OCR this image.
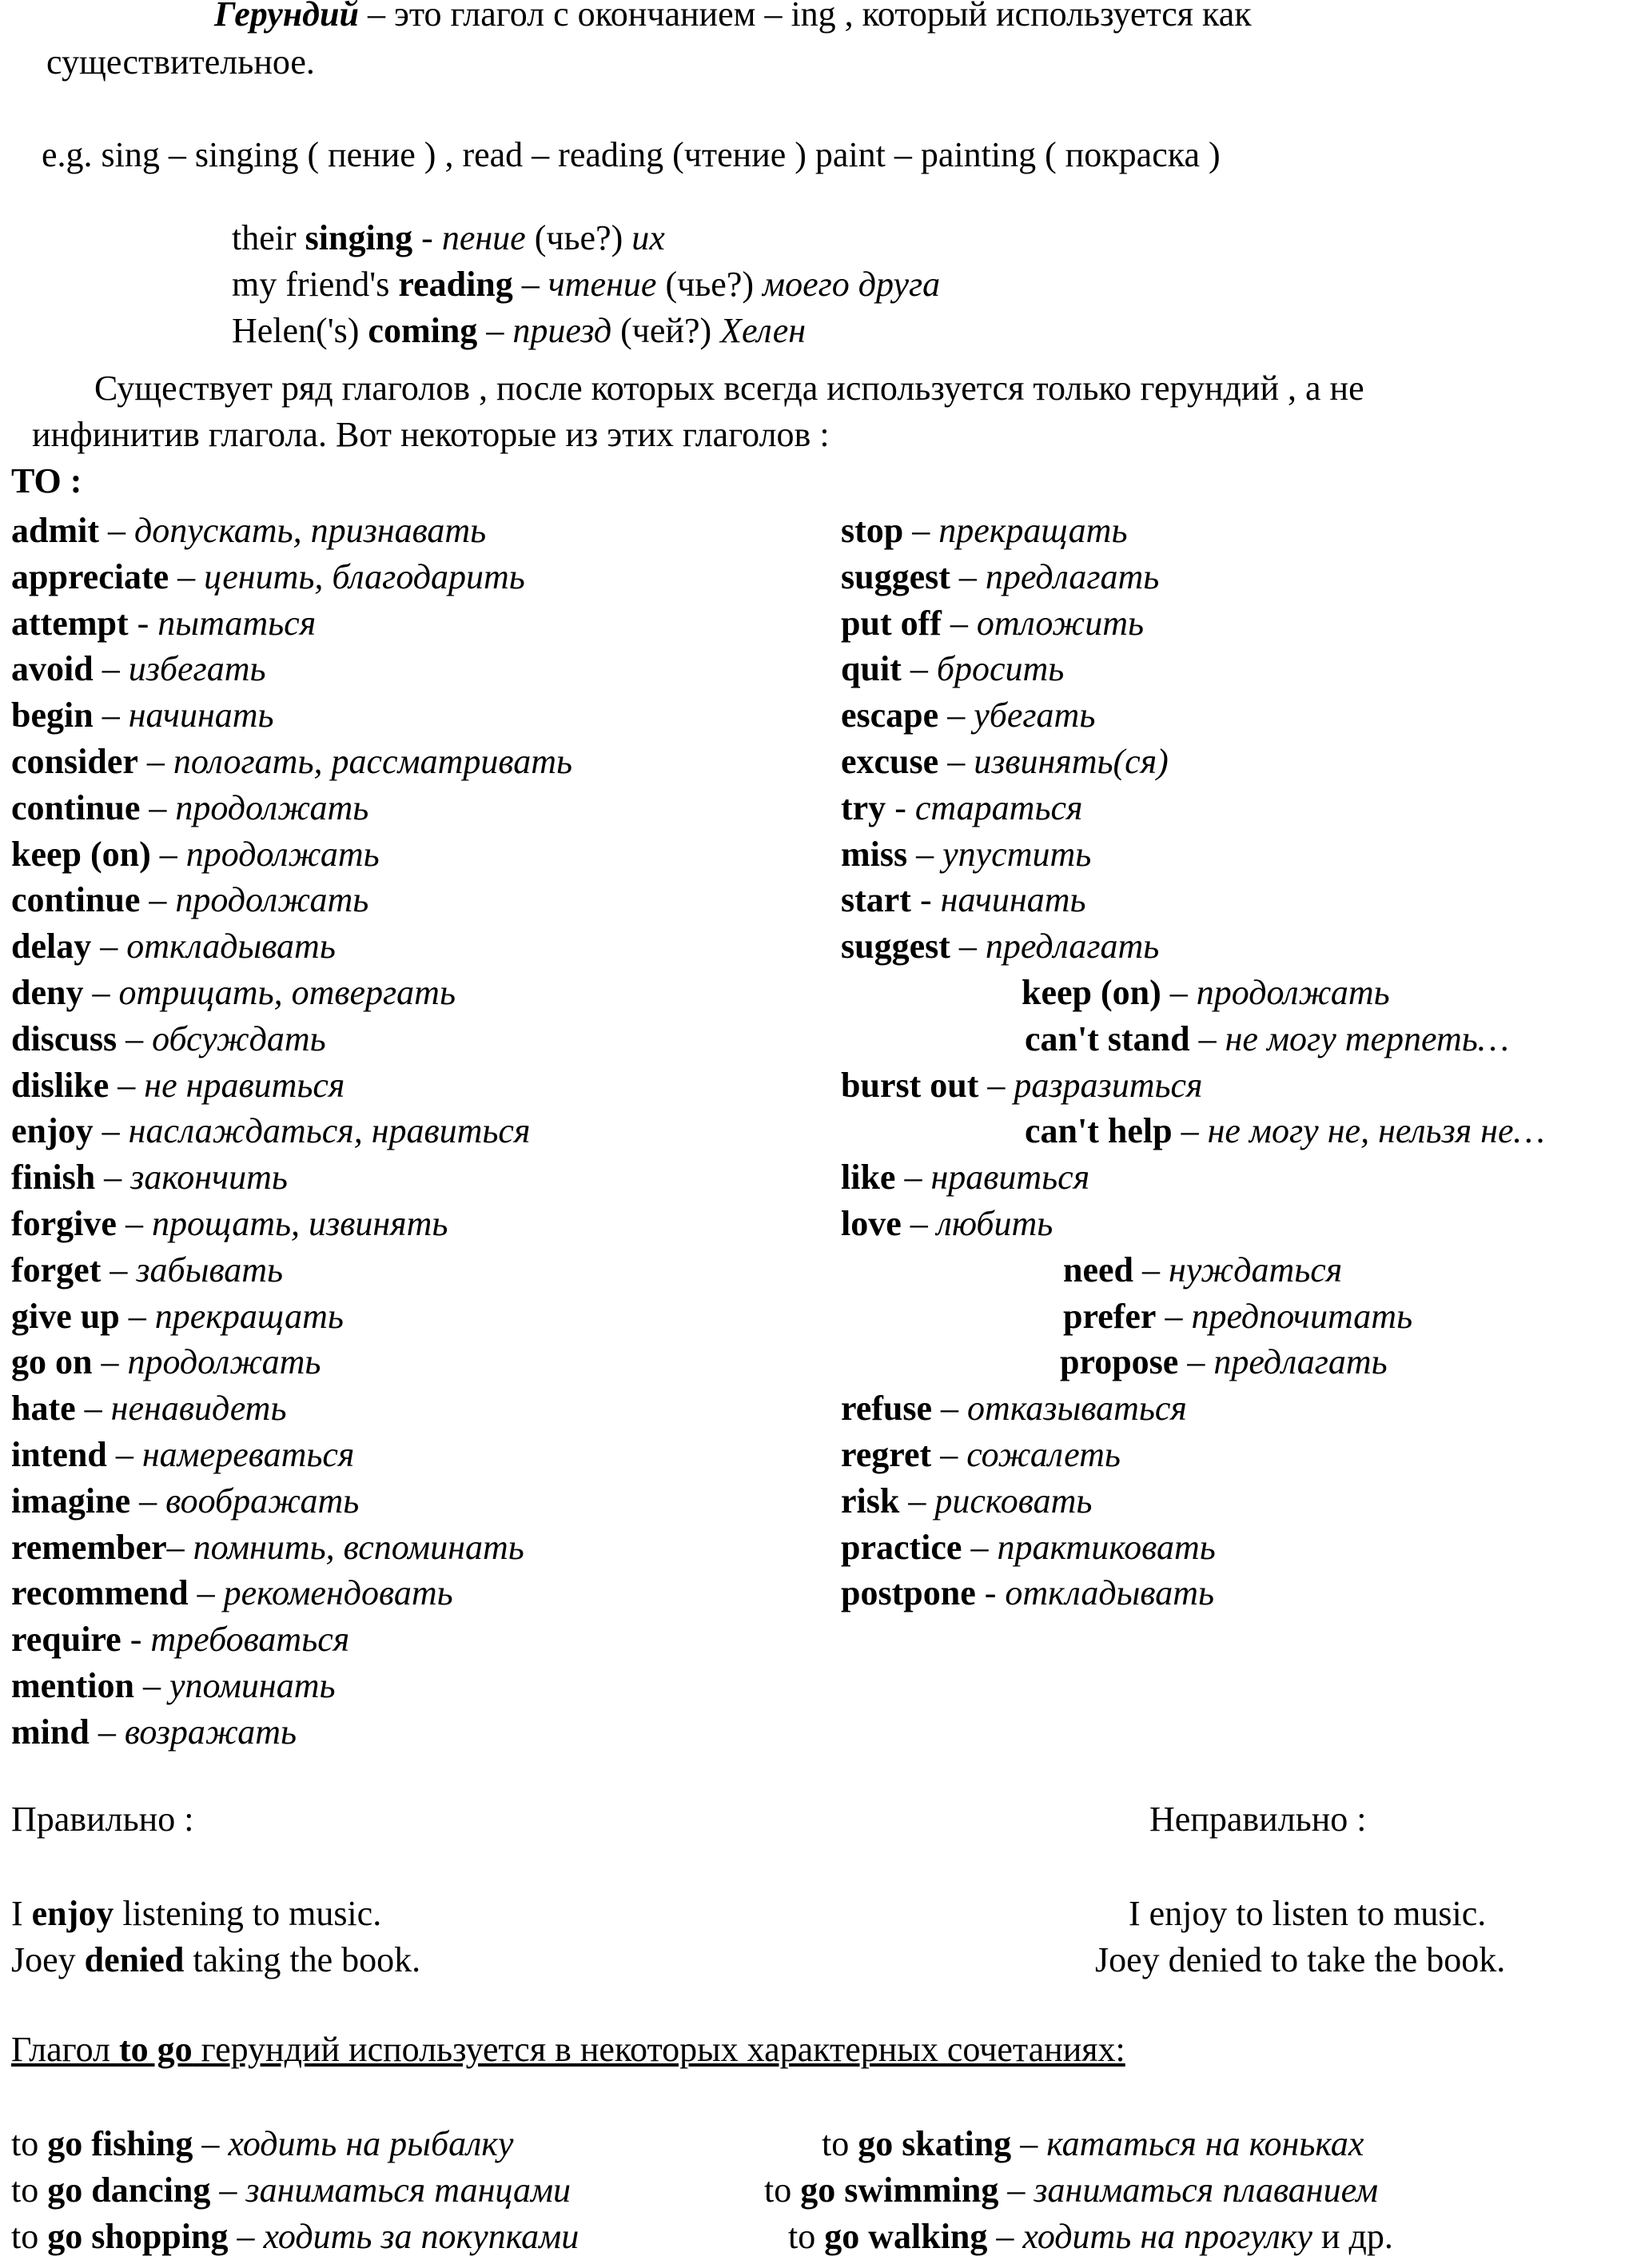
Герундий – это глагол с окончанием – ing , который используется как
существительное.
e.g. sing – singing ( пение ) , read – reading (чтение ) paint – painting ( покраска )
their singing - пение (чье?) их
my friend's reading – чтение (чье?) моего друга
Helen('s) coming – приезд (чей?) Хелен
Существует ряд глаголов , после которых всегда используется только герундий , а не
инфинитив глагола. Вот некоторые из этих глаголов :
TO :
admit – допускать, признавать
appreciate – ценить, благодарить
attempt - пытаться
avoid – избегать
begin – начинать
consider – пологать, рассматривать
continue – продолжать
keep (on) – продолжать
continue – продолжать
delay – откладывать
deny – отрицать, отвергать
discuss – обсуждать
dislike – не нравиться
enjoy – наслаждаться, нравиться
finish – закончить
forgive – прощать, извинять
forget – забывать
give up – прекращать
go on – продолжать
hate – ненавидеть
intend – намереваться
imagine – воображать
remember– помнить, вспоминать
recommend – рекомендовать
require - требоваться
mention – упоминать
mind – возражать
stop – прекращать
suggest – предлагать
put off – отложить
quit – бросить
escape – убегать
excuse – извинять(ся)
try - стараться
miss – упустить
start - начинать
suggest – предлагать
keep (on) – продолжать
can't stand – не могу терпеть…
burst out – разразиться
can't help – не могу не, нельзя не…
like – нравиться
love – любить
need – нуждаться
prefer – предпочитать
propose – предлагать
refuse – отказываться
regret – сожалеть
risk – рисковать
practice – практиковать
postpone - откладывать
Правильно :	Неправильно :
I enjoy listening to music.
Joey denied taking the book.
I enjoy to listen to music.
Joey denied to take the book.
Глагол to go герундий используется в некоторых характерных сочетаниях:
to go fishing – ходить на рыбалку
to go dancing – заниматься танцами
to go shopping – ходить за покупками
to go skating – кататься на коньках
to go swimming – заниматься плаванием
to go walking – ходить на прогулку и др.
